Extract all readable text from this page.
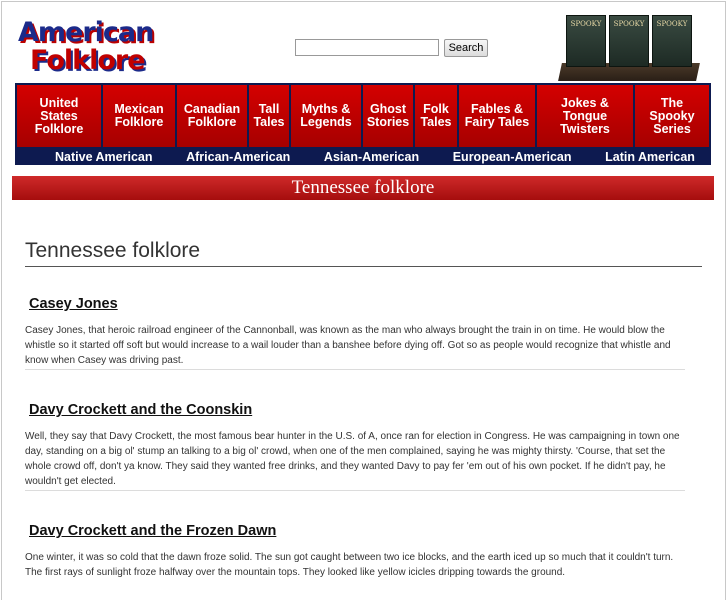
American
Folklore	Search
SPOOKY	SPOOKY	SPOOKY
United States Folklore
Mexican Folklore
Canadian Folklore
Tall Tales
Myths & Legends
Ghost Stories
Folk Tales
Fables & Fairy Tales
Jokes & Tongue Twisters
The Spooky Series
Native American	African-American	Asian-American	European-American	Latin American
Tennessee folklore
Tennessee folklore
Casey Jones
Casey Jones, that heroic railroad engineer of the Cannonball, was known as the man who always brought the train in on time. He would blow the whistle so it started off soft but would increase to a wail louder than a banshee before dying off. Got so as people would recognize that whistle and know when Casey was driving past.
Davy Crockett and the Coonskin
Well, they say that Davy Crockett, the most famous bear hunter in the U.S. of A, once ran for election in Congress. He was campaigning in town one day, standing on a big ol' stump an talking to a big ol' crowd, when one of the men complained, saying he was mighty thirsty. 'Course, that set the whole crowd off, don't ya know. They said they wanted free drinks, and they wanted Davy to pay fer 'em out of his own pocket. If he didn't pay, he wouldn't get elected.
Davy Crockett and the Frozen Dawn
One winter, it was so cold that the dawn froze solid. The sun got caught between two ice blocks, and the earth iced up so much that it couldn't turn. The first rays of sunlight froze halfway over the mountain tops. They looked like yellow icicles dripping towards the ground.
